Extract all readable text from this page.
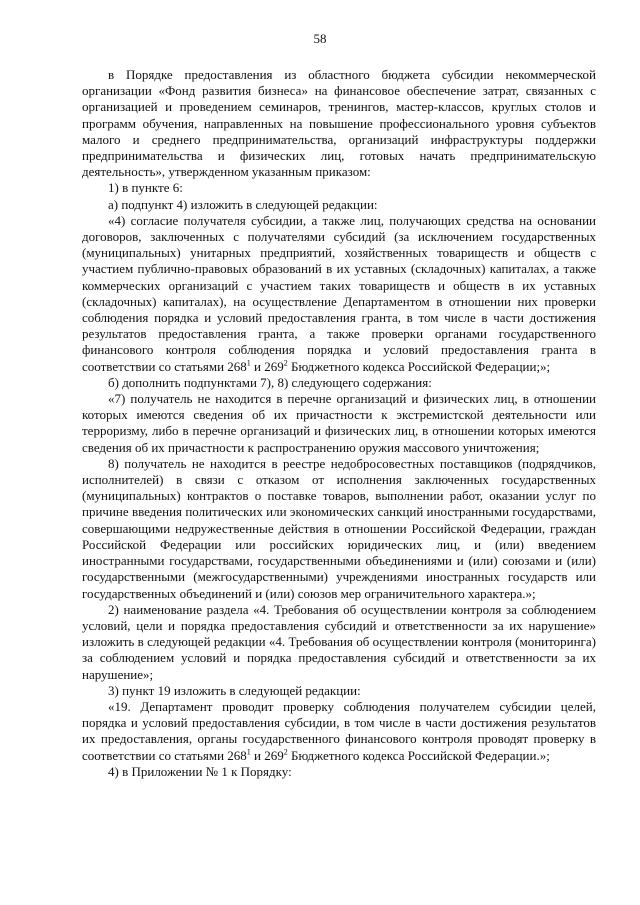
58

в Порядке предоставления из областного бюджета субсидии некоммерческой организации «Фонд развития бизнеса» на финансовое обеспечение затрат, связанных с организацией и проведением семинаров, тренингов, мастер-классов, круглых столов и программ обучения, направленных на повышение профессионального уровня субъектов малого и среднего предпринимательства, организаций инфраструктуры поддержки предпринимательства и физических лиц, готовых начать предпринимательскую деятельность», утвержденном указанным приказом:

1) в пункте 6:

а) подпункт 4) изложить в следующей редакции:

«4) согласие получателя субсидии, а также лиц, получающих средства на основании договоров, заключенных с получателями субсидий (за исключением государственных (муниципальных) унитарных предприятий, хозяйственных товариществ и обществ с участием публично-правовых образований в их уставных (складочных) капиталах, а также коммерческих организаций с участием таких товариществ и обществ в их уставных (складочных) капиталах), на осуществление Департаментом в отношении них проверки соблюдения порядка и условий предоставления гранта, в том числе в части достижения результатов предоставления гранта, а также проверки органами государственного финансового контроля соблюдения порядка и условий предоставления гранта в соответствии со статьями $268^1$ и $269^2$ Бюджетного кодекса Российской Федерации;»;

б) дополнить подпунктами 7), 8) следующего содержания:

«7) получатель не находится в перечне организаций и физических лиц, в отношении которых имеются сведения об их причастности к экстремистской деятельности или терроризму, либо в перечне организаций и физических лиц, в отношении которых имеются сведения об их причастности к распространению оружия массового уничтожения;

8) получатель не находится в реестре недобросовестных поставщиков (подрядчиков, исполнителей) в связи с отказом от исполнения заключенных государственных (муниципальных) контрактов о поставке товаров, выполнении работ, оказании услуг по причине введения политических или экономических санкций иностранными государствами, совершающими недружественные действия в отношении Российской Федерации, граждан Российской Федерации или российских юридических лиц, и (или) введением иностранными государствами, государственными объединениями и (или) союзами и (или) государственными (межгосударственными) учреждениями иностранных государств или государственных объединений и (или) союзов мер ограничительного характера.»;

2) наименование раздела «4. Требования об осуществлении контроля за соблюдением условий, цели и порядка предоставления субсидий и ответственности за их нарушение» изложить в следующей редакции «4. Требования об осуществлении контроля (мониторинга) за соблюдением условий и порядка предоставления субсидий и ответственности за их нарушение»;

3) пункт 19 изложить в следующей редакции:

«19. Департамент проводит проверку соблюдения получателем субсидии целей, порядка и условий предоставления субсидии, в том числе в части достижения результатов их предоставления, органы государственного финансового контроля проводят проверку в соответствии со статьями $268^1$ и $269^2$ Бюджетного кодекса Российской Федерации.»;

4) в Приложении № 1 к Порядку:
